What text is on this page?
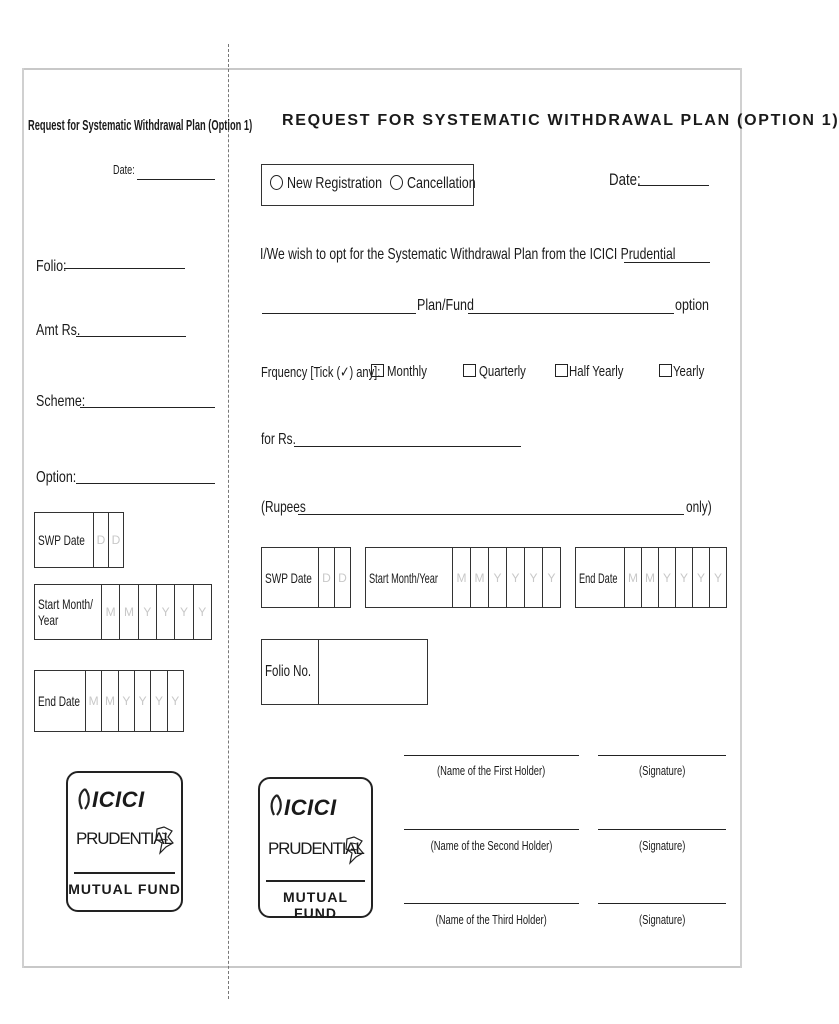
Request for Systematic Withdrawal Plan (Option 1)
Date:
Folio:
Amt Rs.
Scheme:
Option:
SWP Date D D
Start Month/
Year	M M Y Y Y Y
End Date M M Y Y Y Y
ICICI
PRUDENTIAL
MUTUAL FUND
REQUEST FOR SYSTEMATIC WITHDRAWAL PLAN (OPTION 1)
New Registration	Cancellation	Date:
I/We wish to opt for the Systematic Withdrawal Plan from the ICICI Prudential
Plan/Fund	option
Frquency [Tick (✓) any]: Monthly	Quarterly	Half Yearly	Yearly
for Rs.
(Rupees	only)
SWP Date D D Start Month/Year M M Y Y Y Y End Date M M Y Y Y Y
Folio No.
ICICI
PRUDENTIAL
MUTUAL FUND
(Name of the First Holder)	(Signature)
(Name of the Second Holder)	(Signature)
(Name of the Third Holder)	(Signature)
